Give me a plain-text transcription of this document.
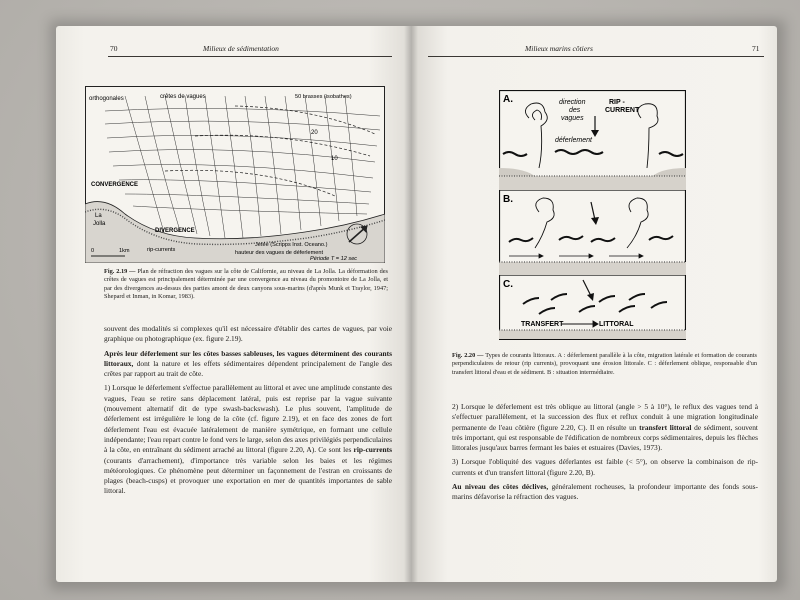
70	Milieux de sédimentation	Milieux marins côtiers	71
orthogonales	crêtes de vagues	50 brasses (isobathes)
20
10
CONVERGENCE
La
Jolla
DIVERGENCE
rip-currents
Jetée (Scripps Inst. Oceano.)
hauteur des vagues de déferlement
Période T = 12 sec
0	1km
Fig. 2.19 — Plan de réfraction des vagues sur la côte de Californie, au niveau de La Jolla. La déformation des crêtes de vagues est principalement déterminée par une convergence au niveau du promontoire de La Jolla, et par des divergences au-dessus des parties amont de deux canyons sous-marins (d'après Munk et Traylor, 1947; Shepard et Inman, in Komar, 1983).

souvent des modalités si complexes qu'il est nécessaire d'établir des cartes de vagues, par voie graphique ou photographique (ex. figure 2.19).

Après leur déferlement sur les côtes basses sableuses, les vagues déterminent des courants littoraux, dont la nature et les effets sédimentaires dépendent principalement de l'angle des crêtes par rapport au trait de côte.

1) Lorsque le déferlement s'effectue parallèlement au littoral et avec une amplitude constante des vagues, l'eau se retire sans déplacement latéral, puis est reprise par la vague suivante (mouvement alternatif dit de type swash-backswash). Le plus souvent, l'amplitude de déferlement est irrégulière le long de la côte (cf. figure 2.19), et en face des zones de fort déferlement l'eau est évacuée latéralement de manière symétrique, en formant une cellule indépendante; l'eau repart contre le fond vers le large, selon des axes privilégiés perpendiculaires à la côte, en entraînant du sédiment arraché au littoral (figure 2.20, A). Ce sont les rip-currents (courants d'arrachement), d'importance très variable selon les baies et les régimes météorologiques. Ce phénomène peut déterminer un façonnement de l'estran en croissants de plages (beach-cusps) et provoquer une exportation en mer de quantités importantes de sable littoral.

A.	direction
des
vagues
RIP -
CURRENT
déferlement
B.
C.
TRANSFERT	LITTORAL
Fig. 2.20 — Types de courants littoraux. A : déferlement parallèle à la côte, migration latérale et formation de courants perpendiculaires de retour (rip currents), provoquant une érosion littorale. C : déferlement oblique, responsable d'un transfert littoral d'eau et de sédiment. B : situation intermédiaire.

2) Lorsque le déferlement est très oblique au littoral (angle > 5 à 10°), le reflux des vagues tend à s'effectuer parallèlement, et la succession des flux et reflux conduit à une migration longitudinale permanente de l'eau côtière (figure 2.20, C). Il en résulte un transfert littoral de sédiment, souvent très important, qui est responsable de l'édification de nombreux corps sédimentaires, depuis les flèches littorales jusqu'aux barres fermant les baies et estuaires (Davies, 1973).

3) Lorsque l'obliquité des vagues déferlantes est faible (< 5°), on observe la combinaison de rip-currents et d'un transfert littoral (figure 2.20, B).

Au niveau des côtes déclives, généralement rocheuses, la profondeur importante des fonds sous-marins défavorise la réfraction des vagues.
